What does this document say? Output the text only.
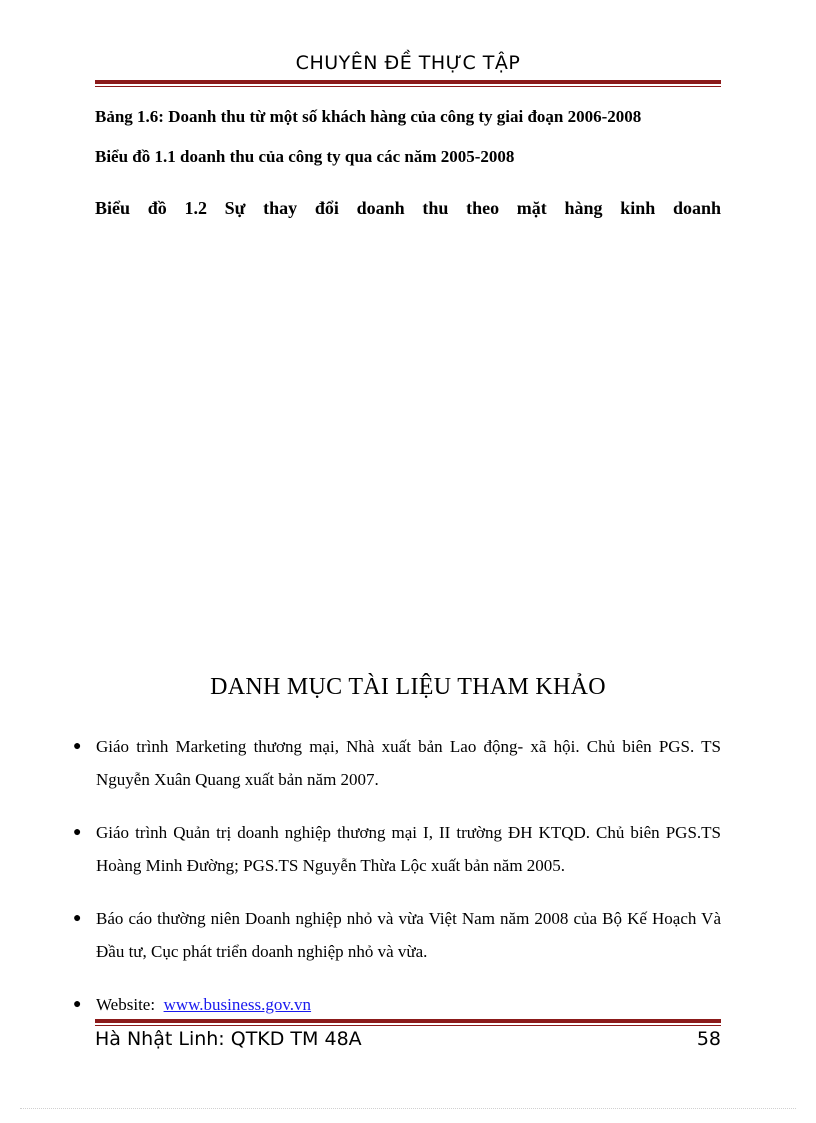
CHUYÊN ĐỀ THỰC TẬP
Bảng 1.6: Doanh thu từ một số khách hàng của công ty giai đoạn 2006-2008
Biểu đồ 1.1 doanh thu của công ty qua các năm 2005-2008
Biểu đồ 1.2 Sự thay đổi doanh thu theo mặt hàng kinh doanh
DANH MỤC TÀI LIỆU THAM KHẢO
● Giáo trình Marketing thương mại, Nhà xuất bản Lao động- xã hội. Chủ biên PGS. TS Nguyễn Xuân Quang xuất bản năm 2007.
● Giáo trình Quản trị doanh nghiệp thương mại I, II trường ĐH KTQD. Chủ biên PGS.TS Hoàng Minh Đường; PGS.TS Nguyễn Thừa Lộc xuất bản năm 2005.
● Báo cáo thường niên Doanh nghiệp nhỏ và vừa Việt Nam năm 2008 của Bộ Kế Hoạch Và Đầu tư, Cục phát triển doanh nghiệp nhỏ và vừa.
● Website: www.business.gov.vn
Hà Nhật Linh: QTKD TM 48A	58
